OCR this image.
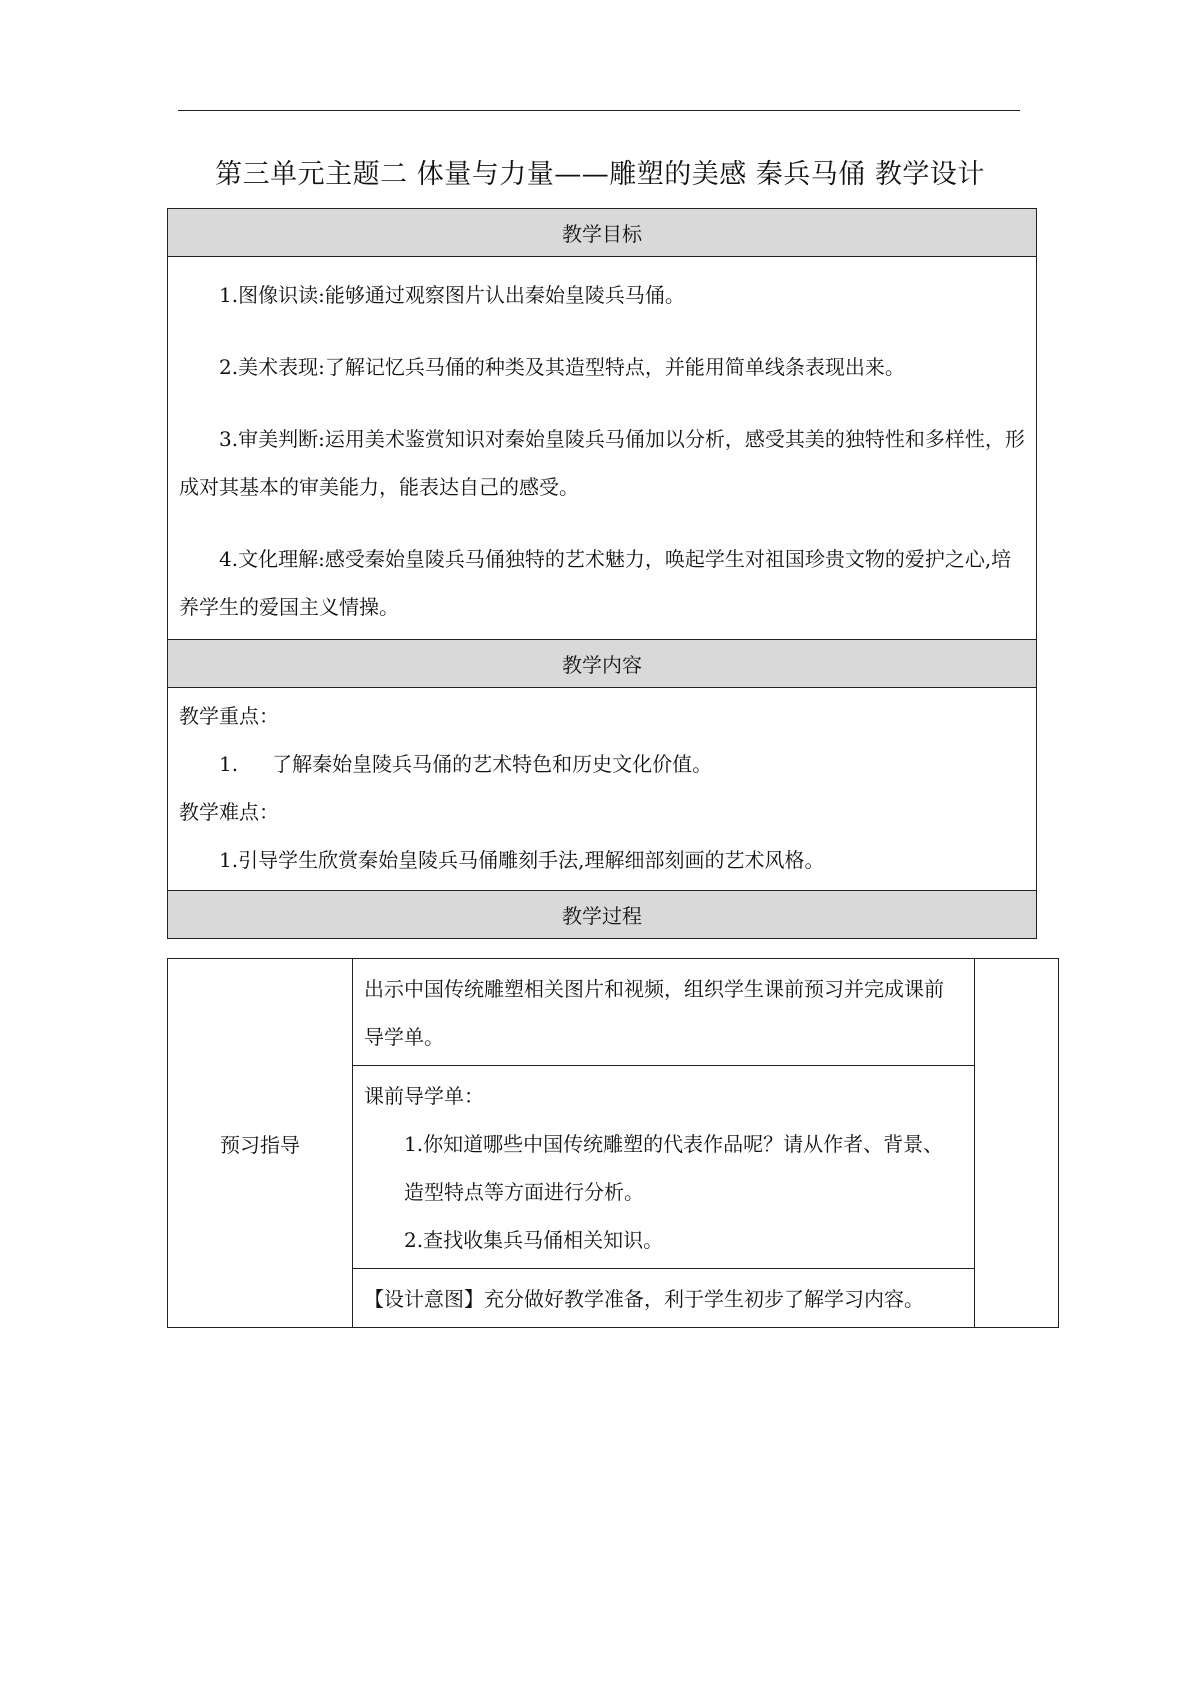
第三单元主题二 体量与力量——雕塑的美感 秦兵马俑 教学设计
教学目标

1.图像识读:能够通过观察图片认出秦始皇陵兵马俑。

2.美术表现:了解记忆兵马俑的种类及其造型特点，并能用简单线条表现出来。

3.审美判断:运用美术鉴赏知识对秦始皇陵兵马俑加以分析，感受其美的独特性和多样性，形成对其基本的审美能力，能表达自己的感受。

4.文化理解:感受秦始皇陵兵马俑独特的艺术魅力，唤起学生对祖国珍贵文物的爱护之心,培养学生的爱国主义情操。

教学内容

教学重点：

1. 了解秦始皇陵兵马俑的艺术特色和历史文化价值。

教学难点：

1.引导学生欣赏秦始皇陵兵马俑雕刻手法,理解细部刻画的艺术风格。

教学过程
预习指导	

出示中国传统雕塑相关图片和视频，组织学生课前预习并完成课前导学单。

课前导学单：

1.你知道哪些中国传统雕塑的代表作品呢？请从作者、背景、造型特点等方面进行分析。

2.查找收集兵马俑相关知识。

【设计意图】充分做好教学准备，利于学生初步了解学习内容。
